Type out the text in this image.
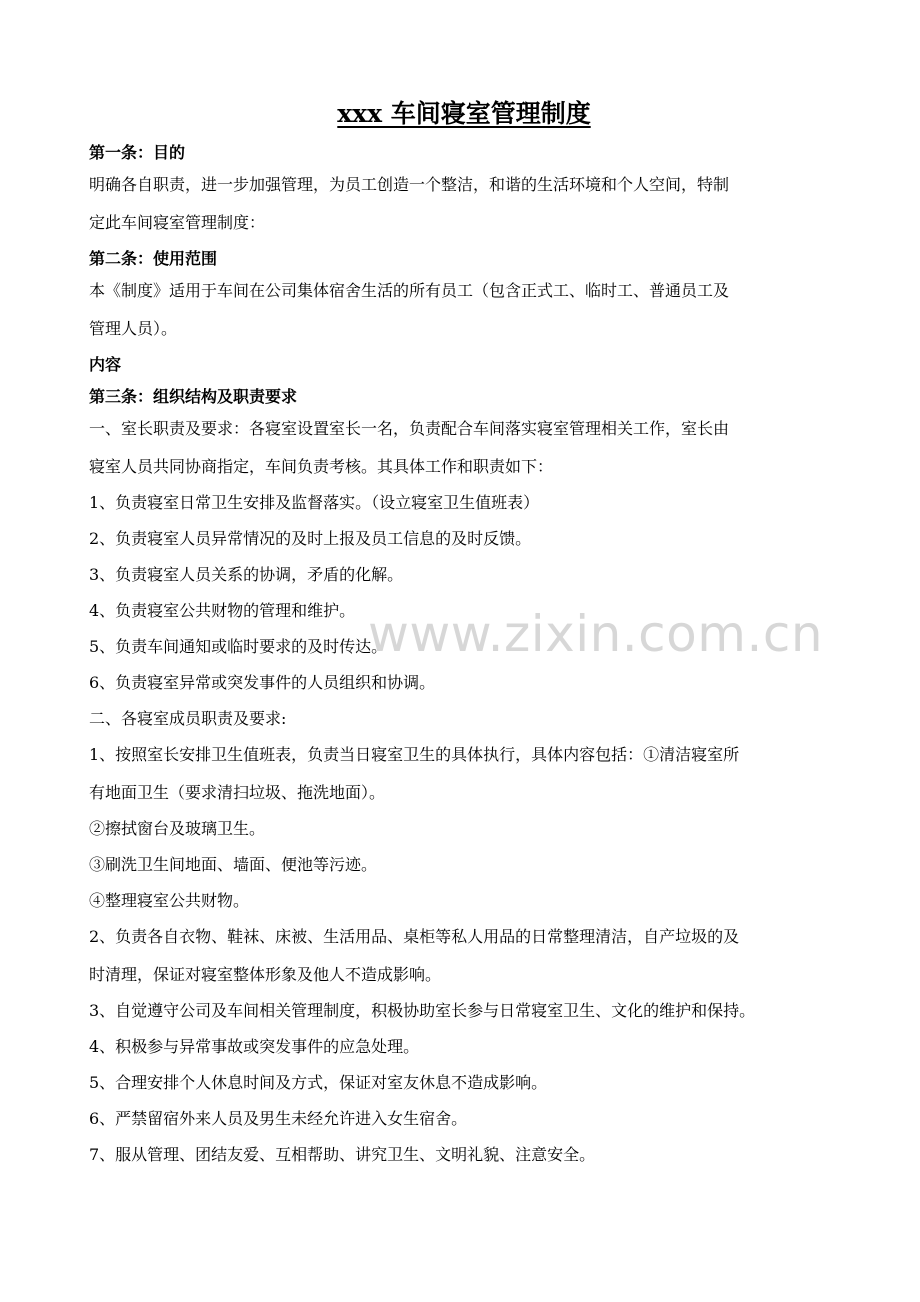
www.zixin.com.cn
xxx 车间寝室管理制度
第一条：目的
明确各自职责，进一步加强管理，为员工创造一个整洁，和谐的生活环境和个人空间，特制
定此车间寝室管理制度：
第二条：使用范围
本《制度》适用于车间在公司集体宿舍生活的所有员工（包含正式工、临时工、普通员工及
管理人员）。
内容
第三条：组织结构及职责要求
一、室长职责及要求：各寝室设置室长一名，负责配合车间落实寝室管理相关工作，室长由
寝室人员共同协商指定，车间负责考核。其具体工作和职责如下：
1、负责寝室日常卫生安排及监督落实。（设立寝室卫生值班表）
2、负责寝室人员异常情况的及时上报及员工信息的及时反馈。
3、负责寝室人员关系的协调，矛盾的化解。
4、负责寝室公共财物的管理和维护。
5、负责车间通知或临时要求的及时传达。
6、负责寝室异常或突发事件的人员组织和协调。
二、各寝室成员职责及要求:
1、按照室长安排卫生值班表，负责当日寝室卫生的具体执行，具体内容包括：①清洁寝室所
有地面卫生（要求清扫垃圾、拖洗地面）。
②擦拭窗台及玻璃卫生。
③刷洗卫生间地面、墙面、便池等污迹。
④整理寝室公共财物。
2、负责各自衣物、鞋袜、床被、生活用品、桌柜等私人用品的日常整理清洁，自产垃圾的及
时清理，保证对寝室整体形象及他人不造成影响。
3、自觉遵守公司及车间相关管理制度，积极协助室长参与日常寝室卫生、文化的维护和保持。
4、积极参与异常事故或突发事件的应急处理。
5、合理安排个人休息时间及方式，保证对室友休息不造成影响。
6、严禁留宿外来人员及男生未经允许进入女生宿舍。
7、服从管理、团结友爱、互相帮助、讲究卫生、文明礼貌、注意安全。
